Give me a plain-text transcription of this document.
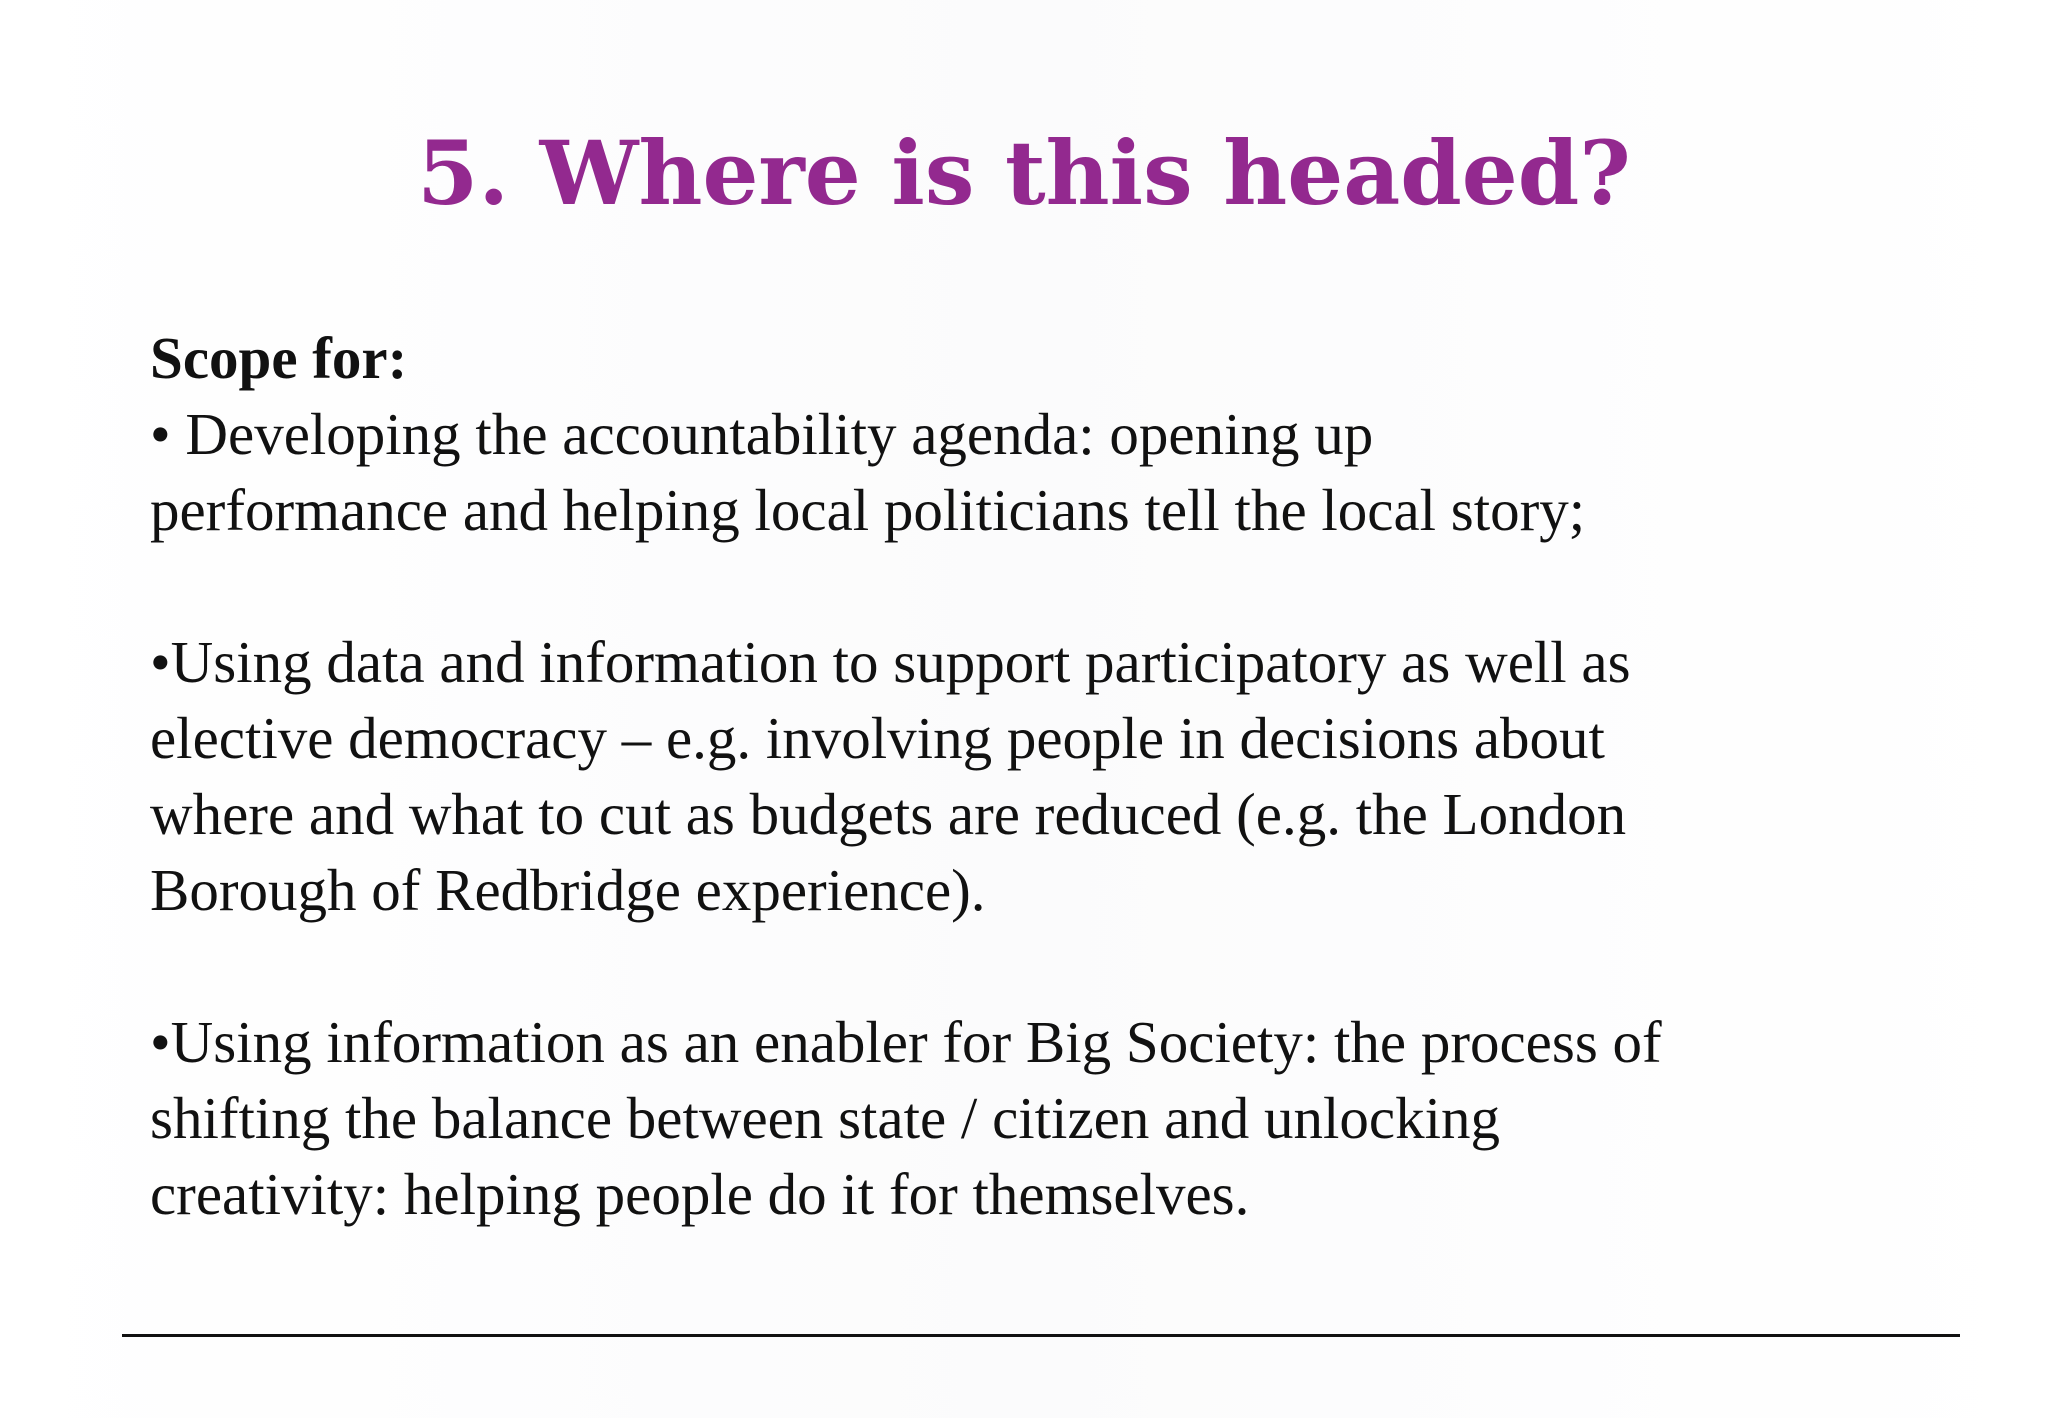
5. Where is this headed?
Scope for:
• Developing the accountability agenda: opening up
performance and helping local politicians tell the local story;
•Using data and information to support participatory as well as
elective democracy – e.g. involving people in decisions about
where and what to cut as budgets are reduced (e.g. the London
Borough of Redbridge experience).
•Using information as an enabler for Big Society: the process of
shifting the balance between state / citizen and unlocking
creativity: helping people do it for themselves.
